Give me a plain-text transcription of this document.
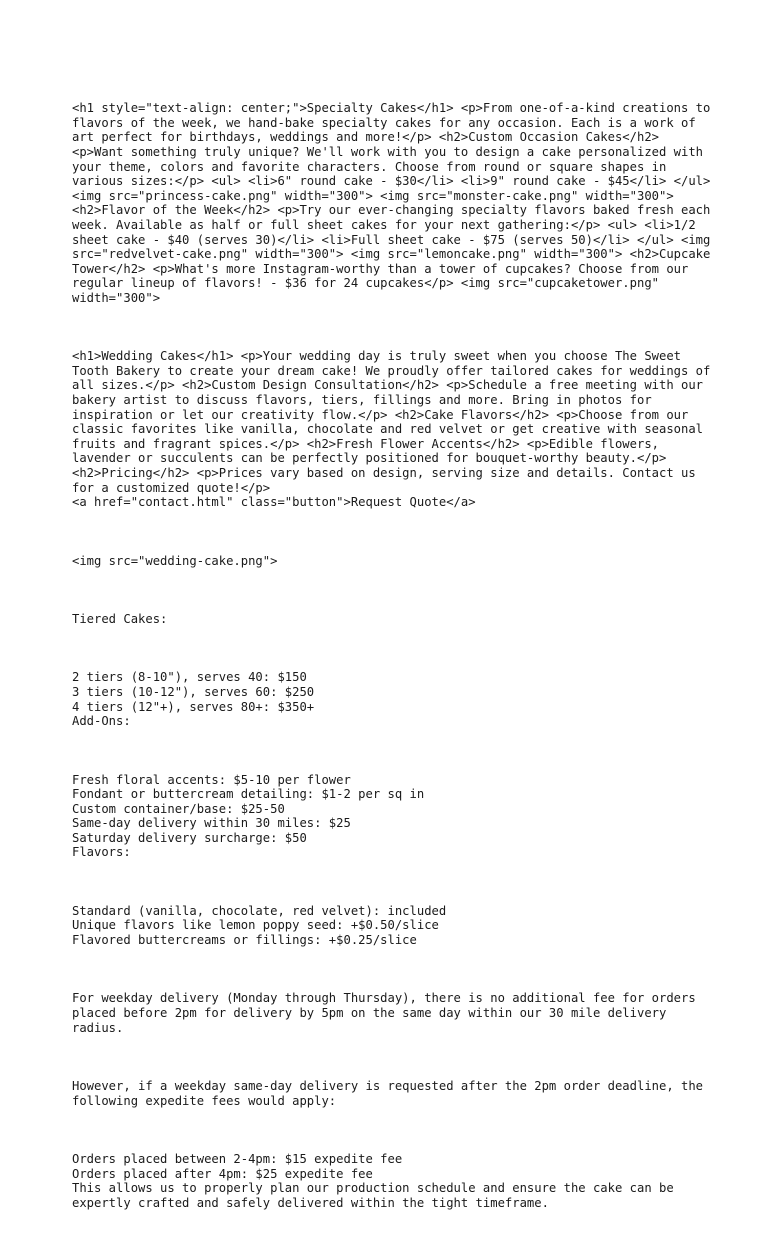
<h1 style="text-align: center;">Specialty Cakes</h1> <p>From one-of-a-kind creations to flavors of the week, we hand-bake specialty cakes for any occasion. Each is a work of art perfect for birthdays, weddings and more!</p> <h2>Custom Occasion Cakes</h2> <p>Want something truly unique? We'll work with you to design a cake personalized with your theme, colors and favorite characters. Choose from round or square shapes in various sizes:</p> <ul> <li>6" round cake - $30</li> <li>9" round cake - $45</li> </ul> <img src="princess-cake.png" width="300"> <img src="monster-cake.png" width="300"> <h2>Flavor of the Week</h2> <p>Try our ever-changing specialty flavors baked fresh each week. Available as half or full sheet cakes for your next gathering:</p> <ul> <li>1/2 sheet cake - $40 (serves 30)</li> <li>Full sheet cake - $75 (serves 50)</li> </ul> <img src="redvelvet-cake.png" width="300"> <img src="lemoncake.png" width="300"> <h2>Cupcake Tower</h2> <p>What's more Instagram-worthy than a tower of cupcakes? Choose from our regular lineup of flavors! - $36 for 24 cupcakes</p> <img src="cupcaketower.png" width="300">

<h1>Wedding Cakes</h1> <p>Your wedding day is truly sweet when you choose The Sweet Tooth Bakery to create your dream cake! We proudly offer tailored cakes for weddings of all sizes.</p> <h2>Custom Design Consultation</h2> <p>Schedule a free meeting with our bakery artist to discuss flavors, tiers, fillings and more. Bring in photos for inspiration or let our creativity flow.</p> <h2>Cake Flavors</h2> <p>Choose from our classic favorites like vanilla, chocolate and red velvet or get creative with seasonal fruits and fragrant spices.</p> <h2>Fresh Flower Accents</h2> <p>Edible flowers, lavender or succulents can be perfectly positioned for bouquet-worthy beauty.</p> <h2>Pricing</h2> <p>Prices vary based on design, serving size and details. Contact us for a customized quote!</p>
<a href="contact.html" class="button">Request Quote</a>

<img src="wedding-cake.png">

Tiered Cakes:

2 tiers (8-10"), serves 40: $150
3 tiers (10-12"), serves 60: $250
4 tiers (12"+), serves 80+: $350+
Add-Ons:

Fresh floral accents: $5-10 per flower
Fondant or buttercream detailing: $1-2 per sq in
Custom container/base: $25-50
Same-day delivery within 30 miles: $25
Saturday delivery surcharge: $50
Flavors:

Standard (vanilla, chocolate, red velvet): included
Unique flavors like lemon poppy seed: +$0.50/slice
Flavored buttercreams or fillings: +$0.25/slice

For weekday delivery (Monday through Thursday), there is no additional fee for orders placed before 2pm for delivery by 5pm on the same day within our 30 mile delivery radius.

However, if a weekday same-day delivery is requested after the 2pm order deadline, the following expedite fees would apply:

Orders placed between 2-4pm: $15 expedite fee
Orders placed after 4pm: $25 expedite fee
This allows us to properly plan our production schedule and ensure the cake can be expertly crafted and safely delivered within the tight timeframe.
